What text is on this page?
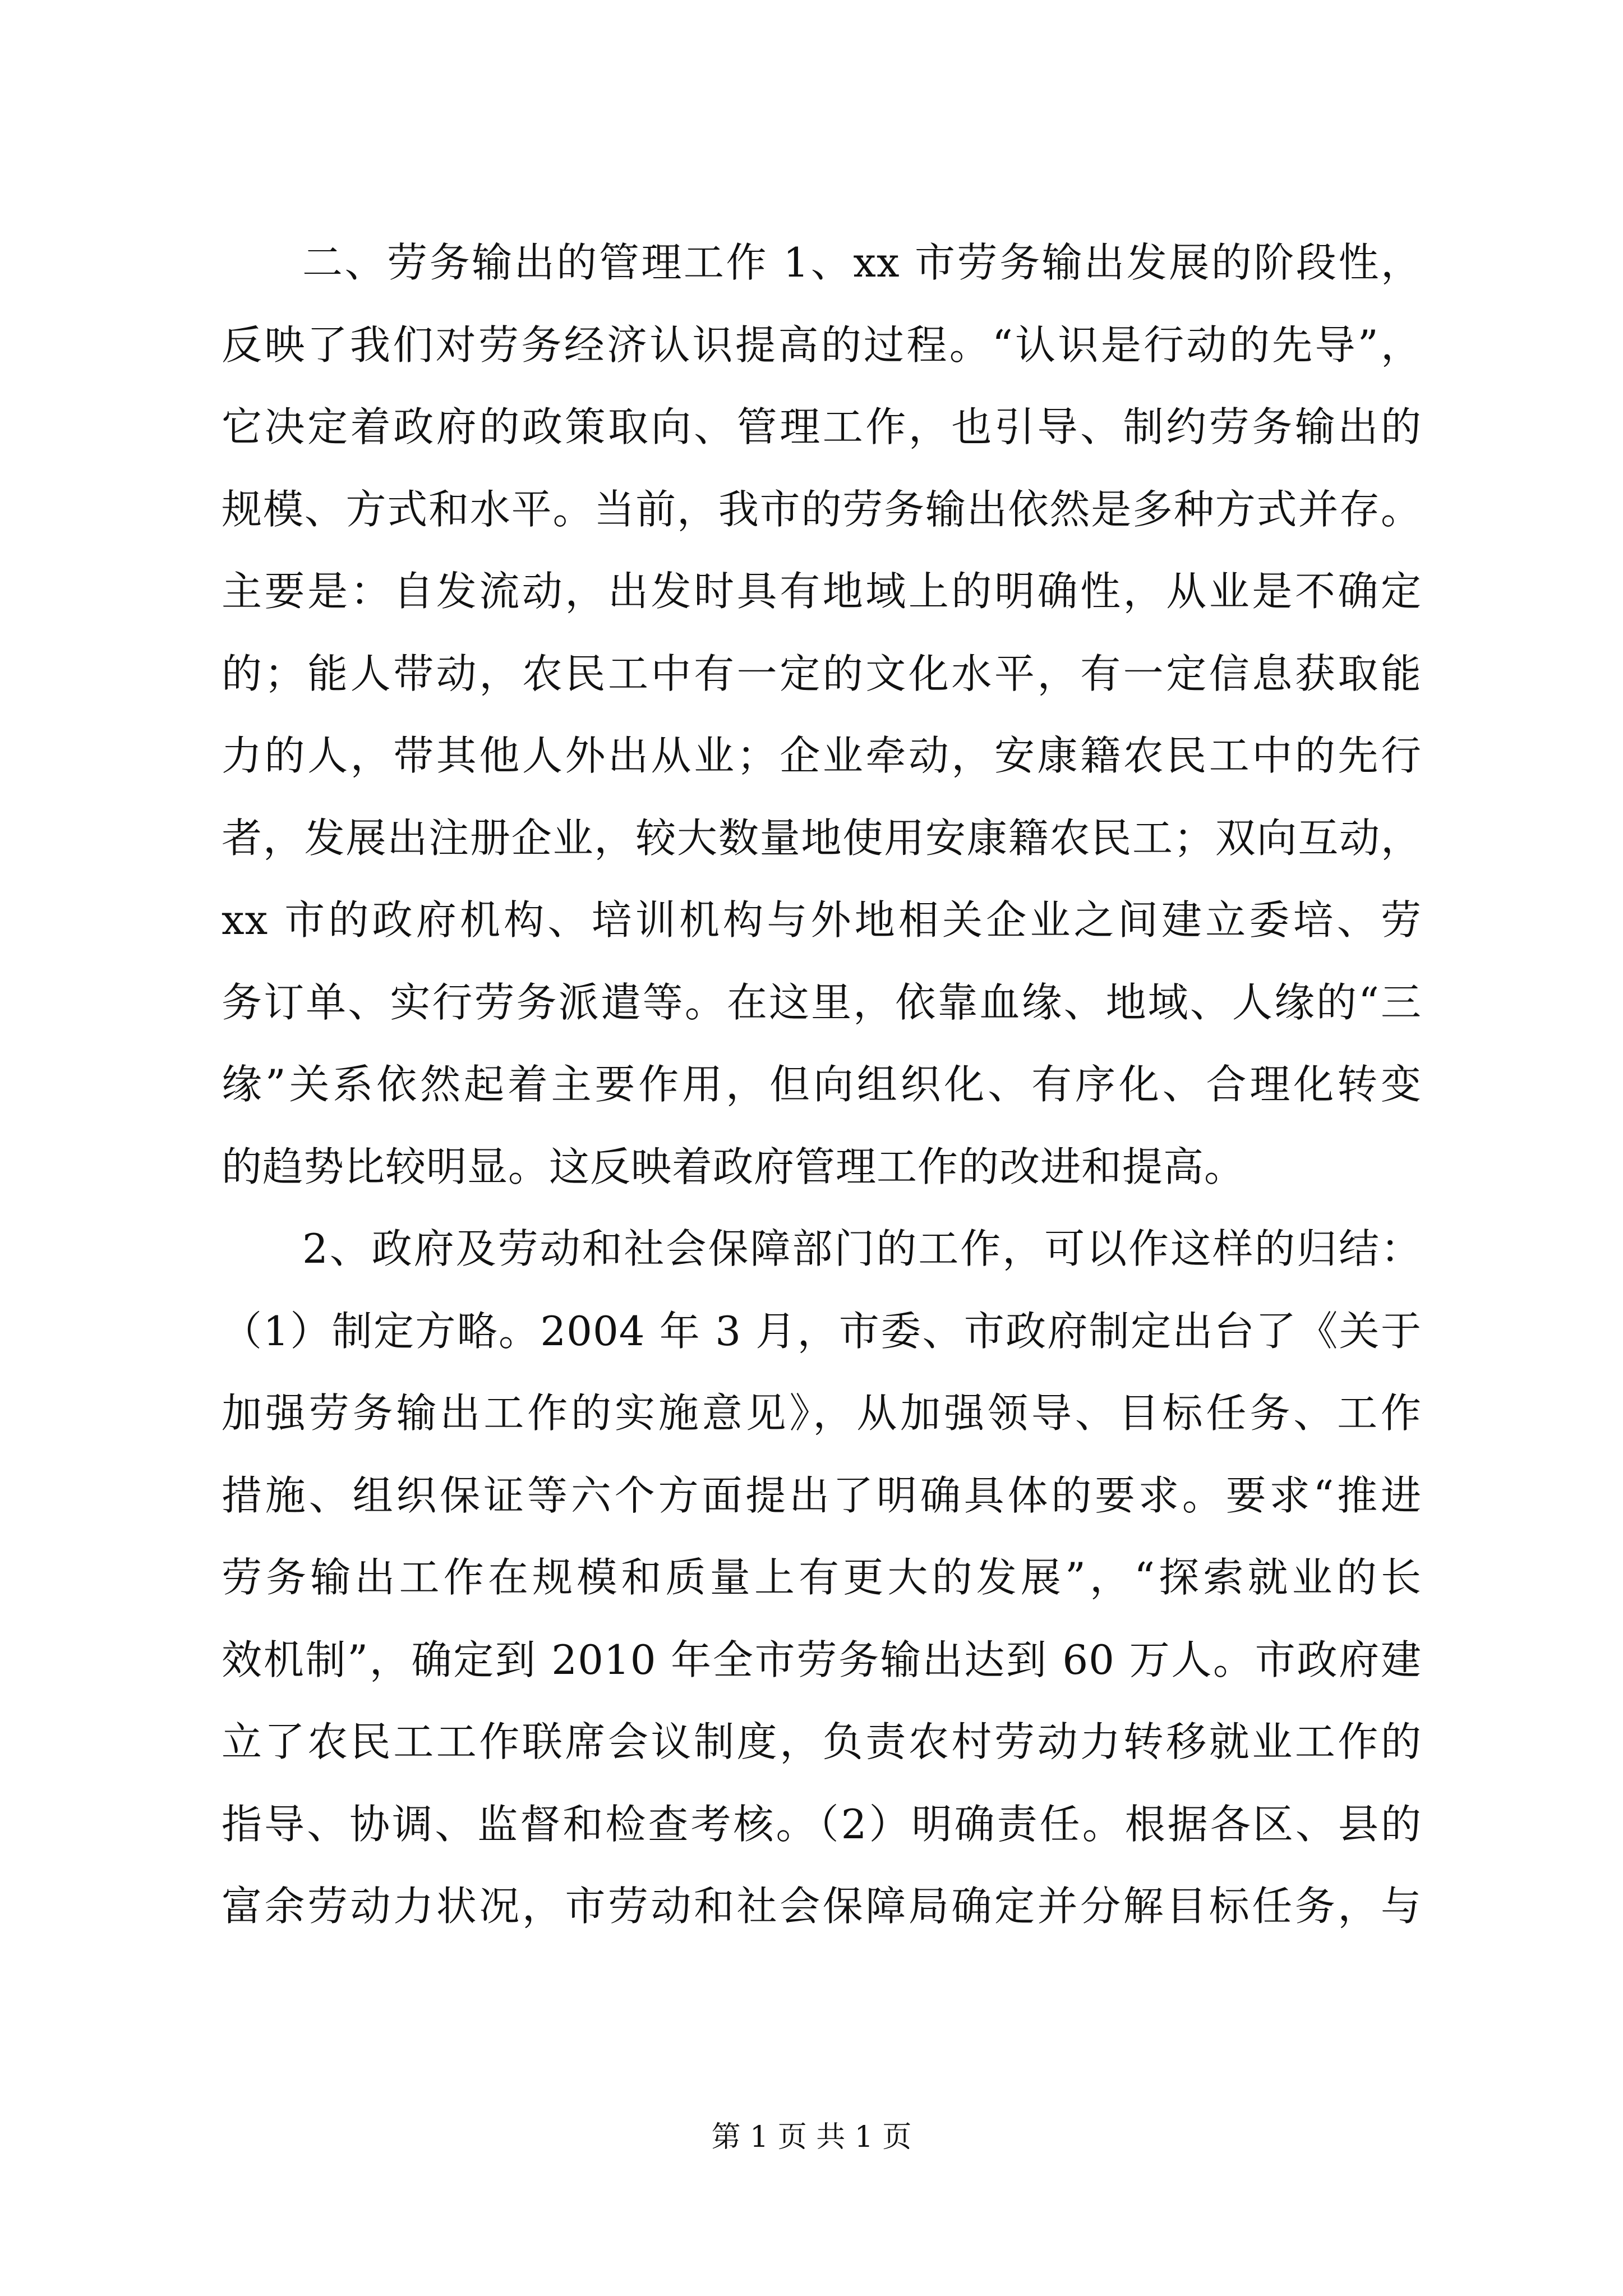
二、劳务输出的管理工作 1、xx 市劳务输出发展的阶段性，
反映了我们对劳务经济认识提高的过程。“认识是行动的先导”，
它决定着政府的政策取向、管理工作，也引导、制约劳务输出的
规模、方式和水平。当前，我市的劳务输出依然是多种方式并存。
主要是：自发流动，出发时具有地域上的明确性，从业是不确定
的；能人带动，农民工中有一定的文化水平，有一定信息获取能
力的人，带其他人外出从业；企业牵动，安康籍农民工中的先行
者，发展出注册企业，较大数量地使用安康籍农民工；双向互动，
xx 市的政府机构、培训机构与外地相关企业之间建立委培、劳
务订单、实行劳务派遣等。在这里，依靠血缘、地域、人缘的“三
缘”关系依然起着主要作用，但向组织化、有序化、合理化转变
的趋势比较明显。这反映着政府管理工作的改进和提高。
2、政府及劳动和社会保障部门的工作，可以作这样的归结：
（1）制定方略。2004 年 3 月，市委、市政府制定出台了《关于
加强劳务输出工作的实施意见》，从加强领导、目标任务、工作
措施、组织保证等六个方面提出了明确具体的要求。要求“推进
劳务输出工作在规模和质量上有更大的发展”，“探索就业的长
效机制”，确定到 2010 年全市劳务输出达到 60 万人。市政府建
立了农民工工作联席会议制度，负责农村劳动力转移就业工作的
指导、协调、监督和检查考核。（2）明确责任。根据各区、县的
富余劳动力状况，市劳动和社会保障局确定并分解目标任务，与
第 1 页 共 1 页
